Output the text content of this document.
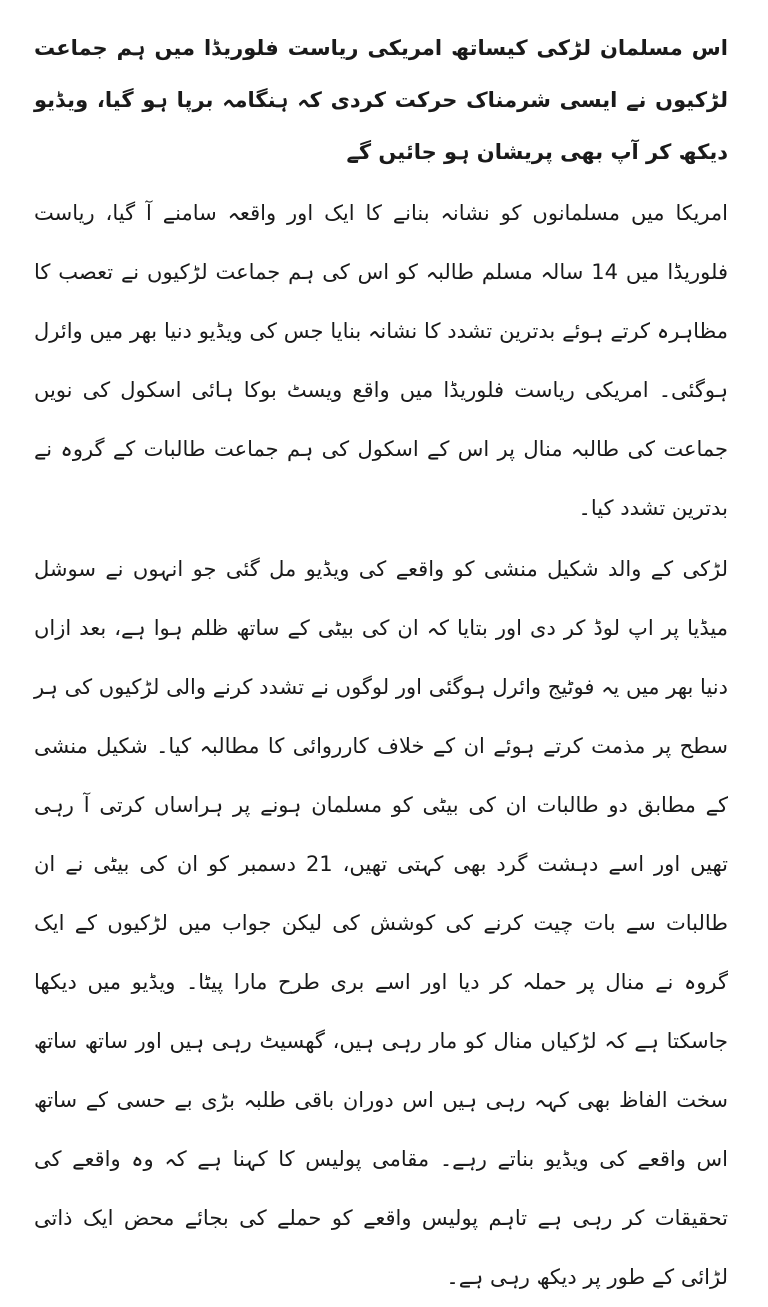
اس مسلمان لڑکی کیساتھ امریکی ریاست فلوریڈا میں ہم جماعت لڑکیوں نے ایسی شرمناک حرکت کردی کہ ہنگامہ برپا ہو گیا، ویڈیو دیکھ کر آپ بھی پریشان ہو جائیں گے

امریکا میں مسلمانوں کو نشانہ بنانے کا ایک اور واقعہ سامنے آ گیا، ریاست فلوریڈا میں 14 سالہ مسلم طالبہ کو اس کی ہم جماعت لڑکیوں نے تعصب کا مظاہرہ کرتے ہوئے بدترین تشدد کا نشانہ بنایا جس کی ویڈیو دنیا بھر میں وائرل ہوگئی۔ امریکی ریاست فلوریڈا میں واقع ویسٹ بوکا ہائی اسکول کی نویں جماعت کی طالبہ منال پر اس کے اسکول کی ہم جماعت طالبات کے گروہ نے بدترین تشدد کیا۔

لڑکی کے والد شکیل منشی کو واقعے کی ویڈیو مل گئی جو انہوں نے سوشل میڈیا پر اپ لوڈ کر دی اور بتایا کہ ان کی بیٹی کے ساتھ ظلم ہوا ہے، بعد ازاں دنیا بھر میں یہ فوٹیج وائرل ہوگئی اور لوگوں نے تشدد کرنے والی لڑکیوں کی ہر سطح پر مذمت کرتے ہوئے ان کے خلاف کارروائی کا مطالبہ کیا۔ شکیل منشی کے مطابق دو طالبات ان کی بیٹی کو مسلمان ہونے پر ہراساں کرتی آ رہی تھیں اور اسے دہشت گرد بھی کہتی تھیں، 21 دسمبر کو ان کی بیٹی نے ان طالبات سے بات چیت کرنے کی کوشش کی لیکن جواب میں لڑکیوں کے ایک گروہ نے منال پر حملہ کر دیا اور اسے بری طرح مارا پیٹا۔ ویڈیو میں دیکھا جاسکتا ہے کہ لڑکیاں منال کو مار رہی ہیں، گھسیٹ رہی ہیں اور ساتھ ساتھ سخت الفاظ بھی کہہ رہی ہیں اس دوران باقی طلبہ بڑی بے حسی کے ساتھ اس واقعے کی ویڈیو بناتے رہے۔ مقامی پولیس کا کہنا ہے کہ وہ واقعے کی تحقیقات کر رہی ہے تاہم پولیس واقعے کو حملے کی بجائے محض ایک ذاتی لڑائی کے طور پر دیکھ رہی ہے۔
